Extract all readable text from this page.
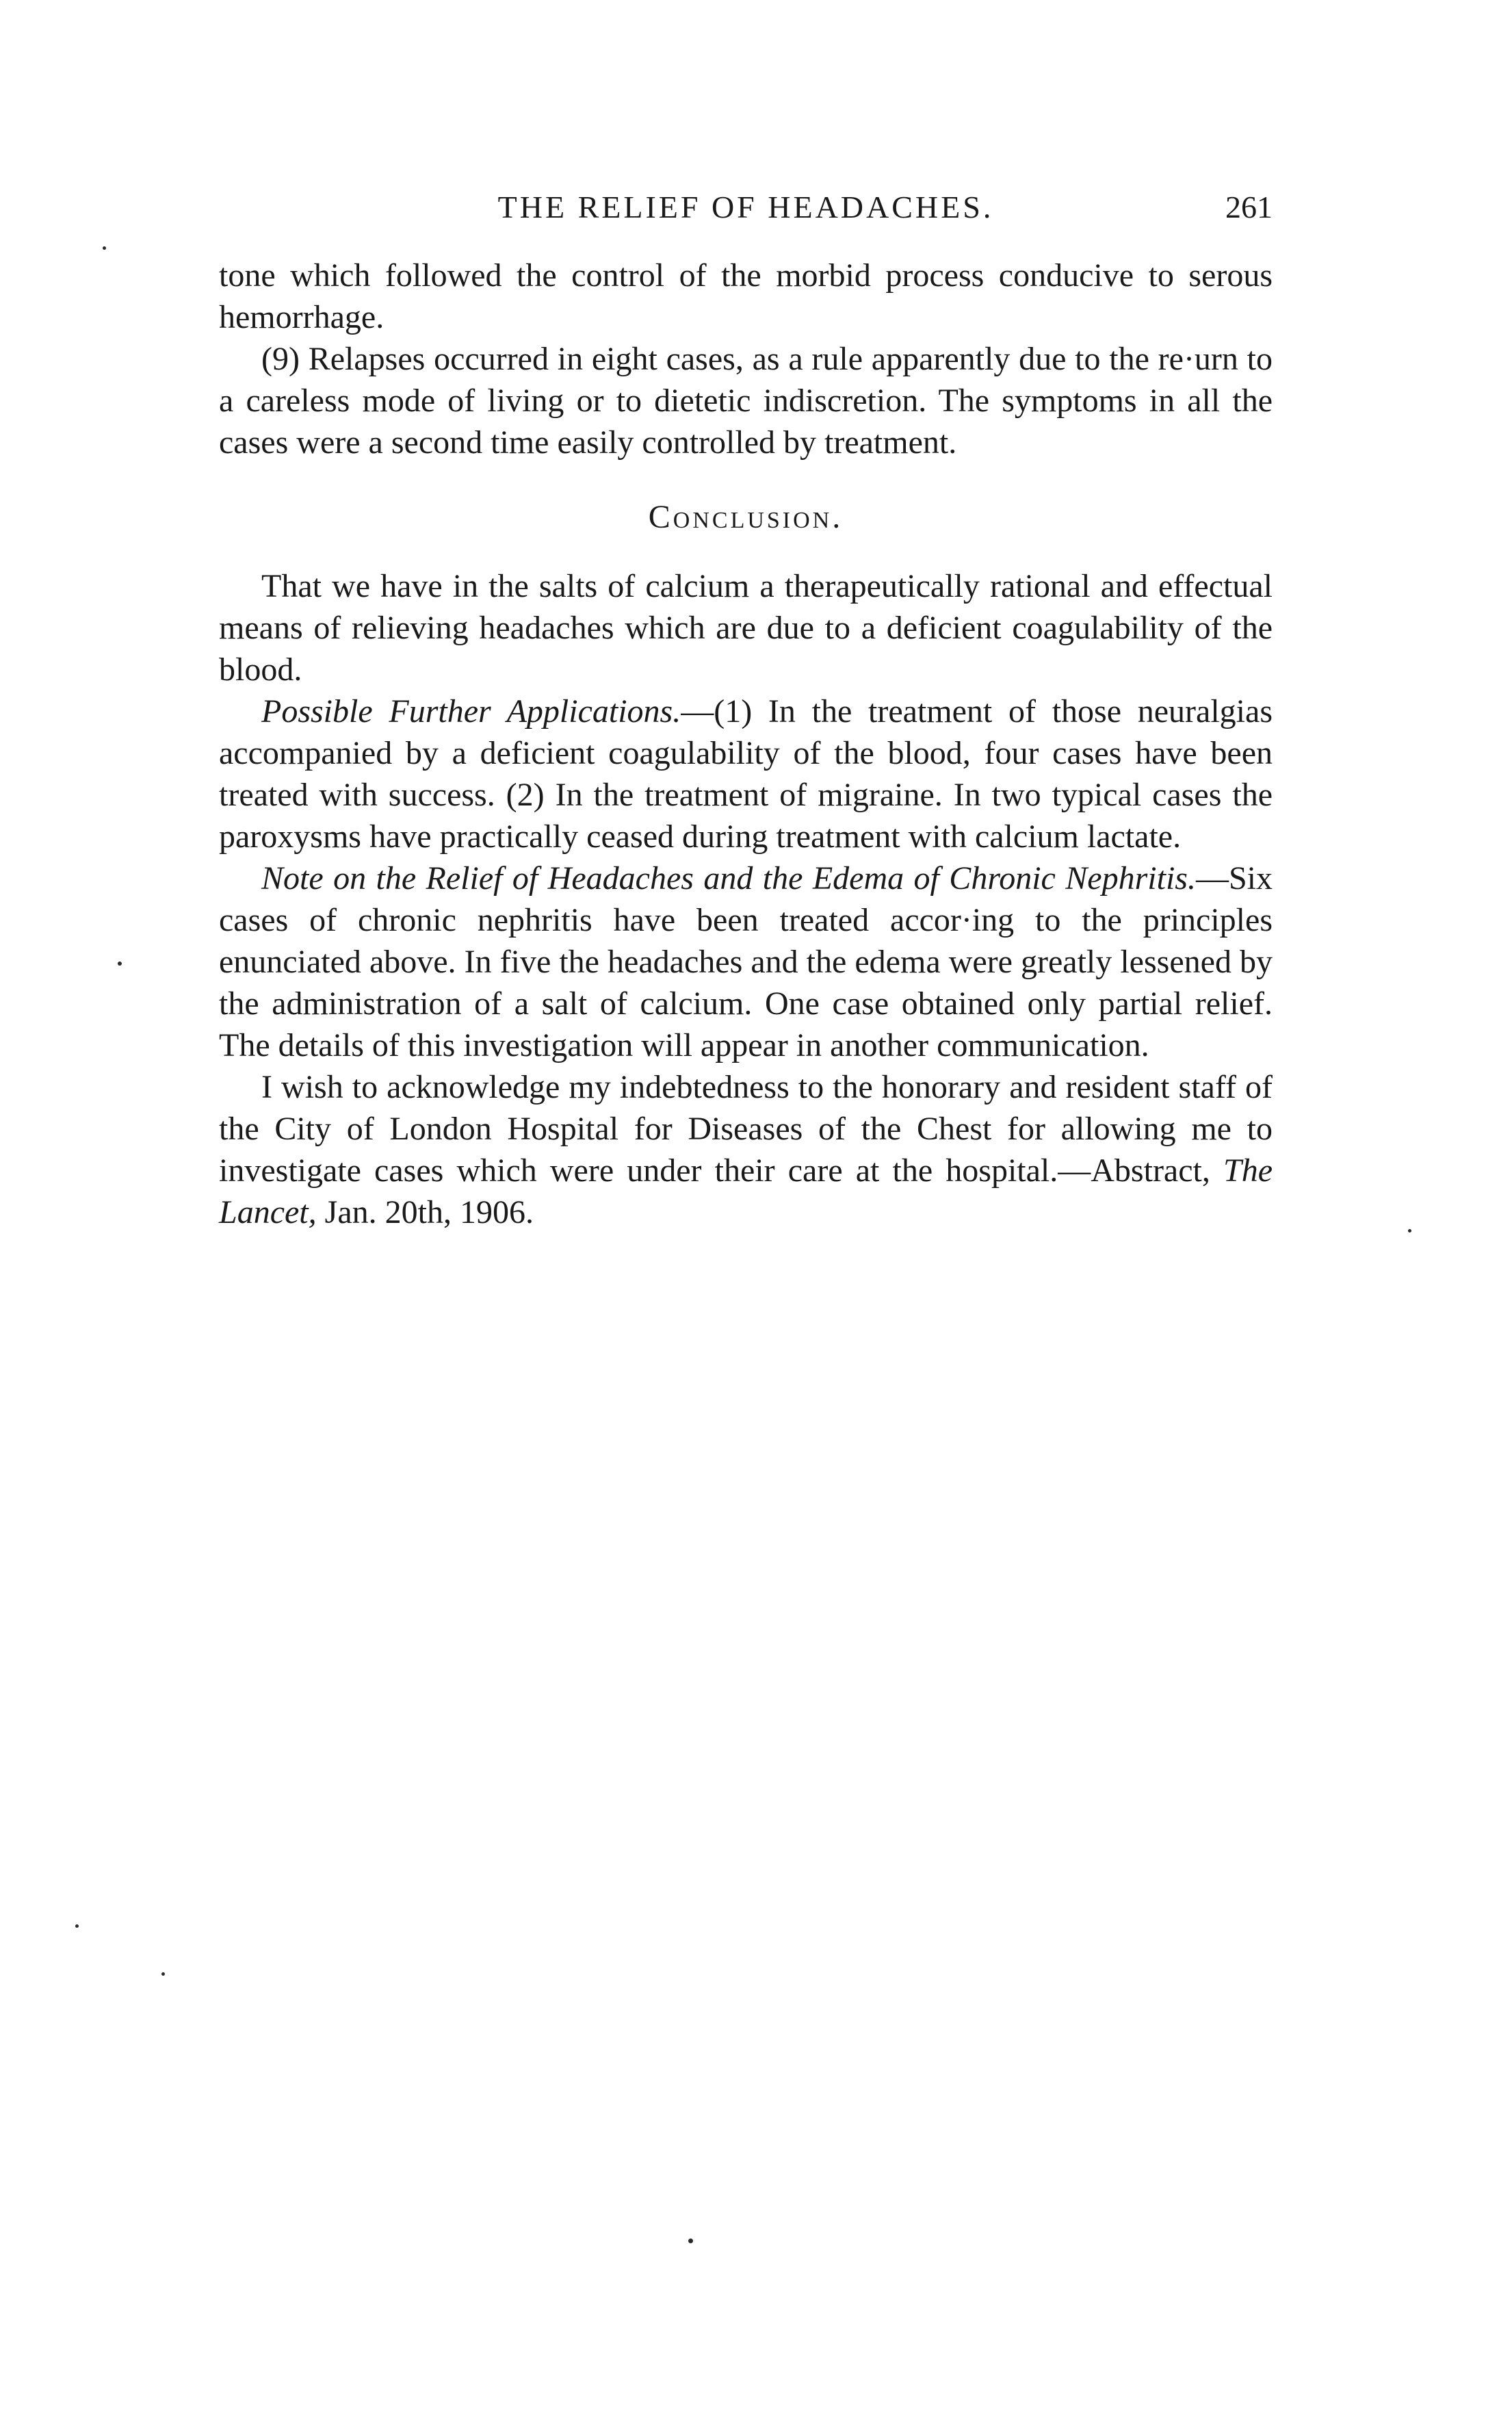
THE RELIEF OF HEADACHES.	261

tone which followed the control of the morbid process conducive to serous hemorrhage.

(9) Relapses occurred in eight cases, as a rule apparently due to the re·urn to a careless mode of living or to dietetic indiscretion. The symptoms in all the cases were a second time easily controlled by treatment.

Conclusion.

That we have in the salts of calcium a therapeutically rational and effectual means of relieving headaches which are due to a deficient coagulability of the blood.

Possible Further Applications.—(1) In the treatment of those neuralgias accompanied by a deficient coagulability of the blood, four cases have been treated with success. (2) In the treatment of migraine. In two typical cases the paroxysms have practically ceased during treatment with calcium lactate.

Note on the Relief of Headaches and the Edema of Chronic Nephritis.—Six cases of chronic nephritis have been treated accor·ing to the principles enunciated above. In five the headaches and the edema were greatly lessened by the administration of a salt of calcium. One case obtained only partial relief. The details of this investigation will appear in another communication.

I wish to acknowledge my indebtedness to the honorary and resident staff of the City of London Hospital for Diseases of the Chest for allowing me to investigate cases which were under their care at the hospital.—Abstract, The Lancet, Jan. 20th, 1906.
